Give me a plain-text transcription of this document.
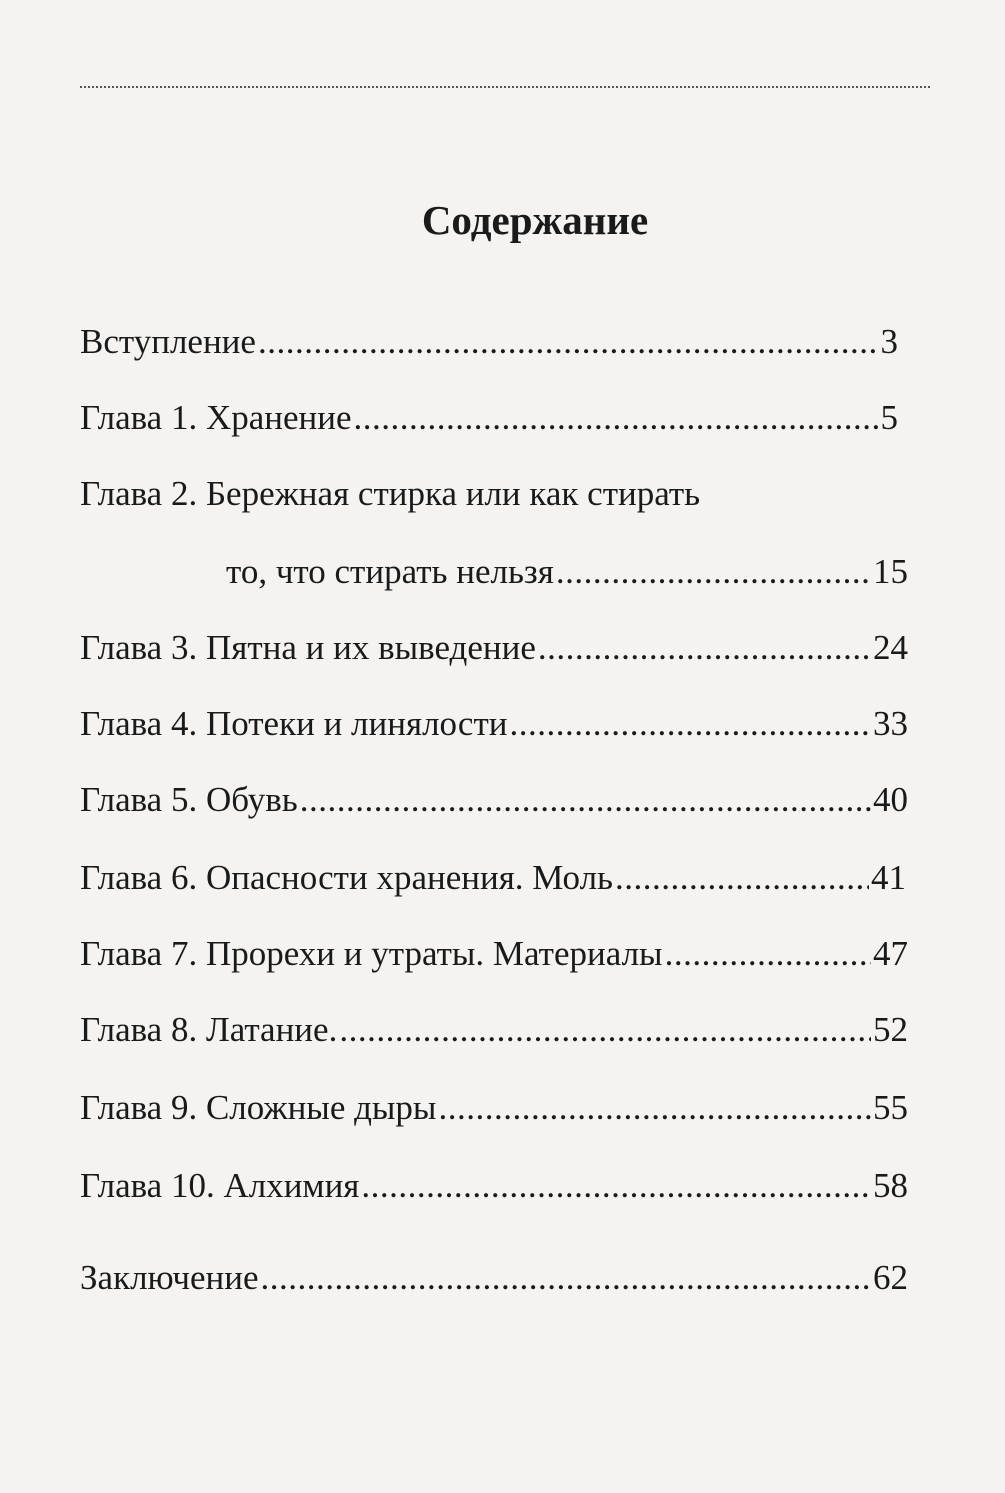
Содержание
Вступление .....	3
Глава 1. Хранение .....	5
Глава 2. Бережная стирка или как стирать
то, что стирать нельзя .....	15
Глава 3. Пятна и их выведение .....	24
Глава 4. Потеки и линялости .....	33
Глава 5. Обувь .....	40
Глава 6. Опасности хранения. Моль .....	41
Глава 7. Прорехи и утраты. Материалы .....	47
Глава 8. Латание. .....	52
Глава 9. Сложные дыры .....	55
Глава 10. Алхимия .....	58
Заключение .....	62
